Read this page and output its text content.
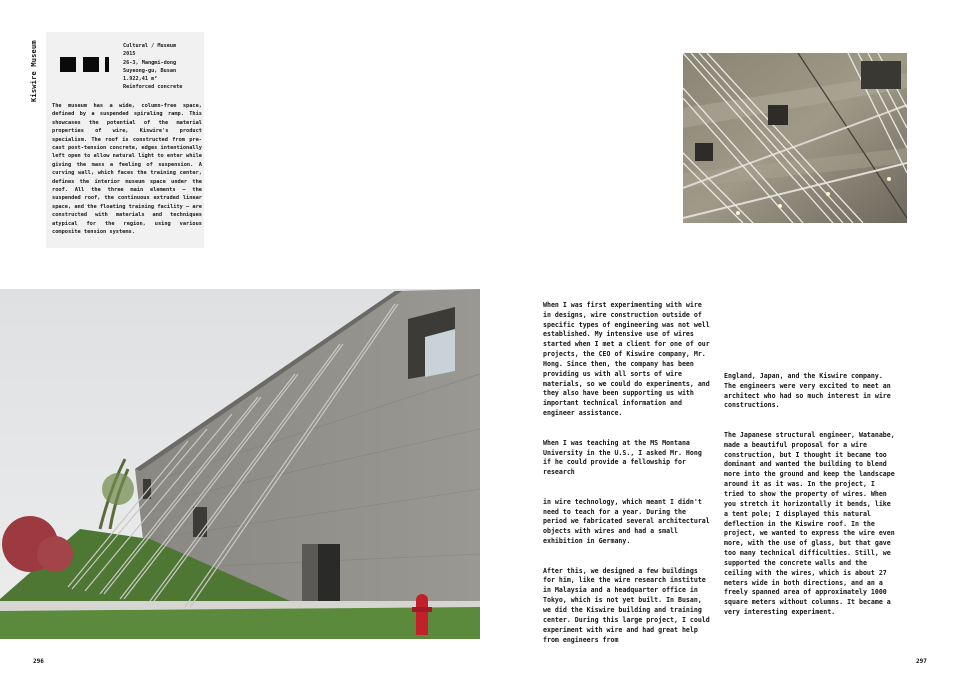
Kiswire Museum	Cultural / Museum
2015
26-3, Mangmi-dong
Suyeong-gu, Busan
1.922,41 m²
Reinforced concrete
The museum has a wide, column-free space, defined by a suspended spiraling ramp. This showcases the potential of the material properties of wire, Kiswire's product specialism. The roof is constructed from pre-cast post-tension concrete, edges intentionally left open to allow natural light to enter while giving the mass a feeling of suspension. A curving wall, which faces the training center, defines the interior museum space under the roof. All the three main elements – the suspended roof, the continuous extruded linear space, and the floating training facility – are constructed with materials and techniques atypical for the region, using various composite tension systems.

When I was first experimenting with wire in designs, wire construction outside of specific types of engineering was not well established. My intensive use of wires started when I met a client for one of our projects, the CEO of Kiswire company, Mr. Hong. Since then, the company has been providing us with all sorts of wire materials, so we could do experiments, and they also have been supporting us with important technical information and engineer assistance.

When I was teaching at the MS Montana University in the U.S., I asked Mr. Hong if he could provide a fellowship for research

in wire technology, which meant I didn't need to teach for a year. During the period we fabricated several architectural objects with wires and had a small exhibition in Germany.

After this, we designed a few buildings for him, like the wire research institute in Malaysia and a headquarter office in Tokyo, which is not yet built. In Busan, we did the Kiswire building and training center. During this large project, I could experiment with wire and had great help from engineers from

England, Japan, and the Kiswire company. The engineers were very excited to meet an architect who had so much interest in wire constructions.

The Japanese structural engineer, Watanabe, made a beautiful proposal for a wire construction, but I thought it became too dominant and wanted the building to blend more into the ground and keep the landscape around it as it was. In the project, I tried to show the property of wires. When you stretch it horizontally it bends, like a tent pole; I displayed this natural deflection in the Kiswire roof. In the project, we wanted to express the wire even more, with the use of glass, but that gave too many technical difficulties. Still, we supported the concrete walls and the ceiling with the wires, which is about 27 meters wide in both directions, and an a freely spanned area of approximately 1000 square meters without columns. It became a very interesting experiment.

296	297
